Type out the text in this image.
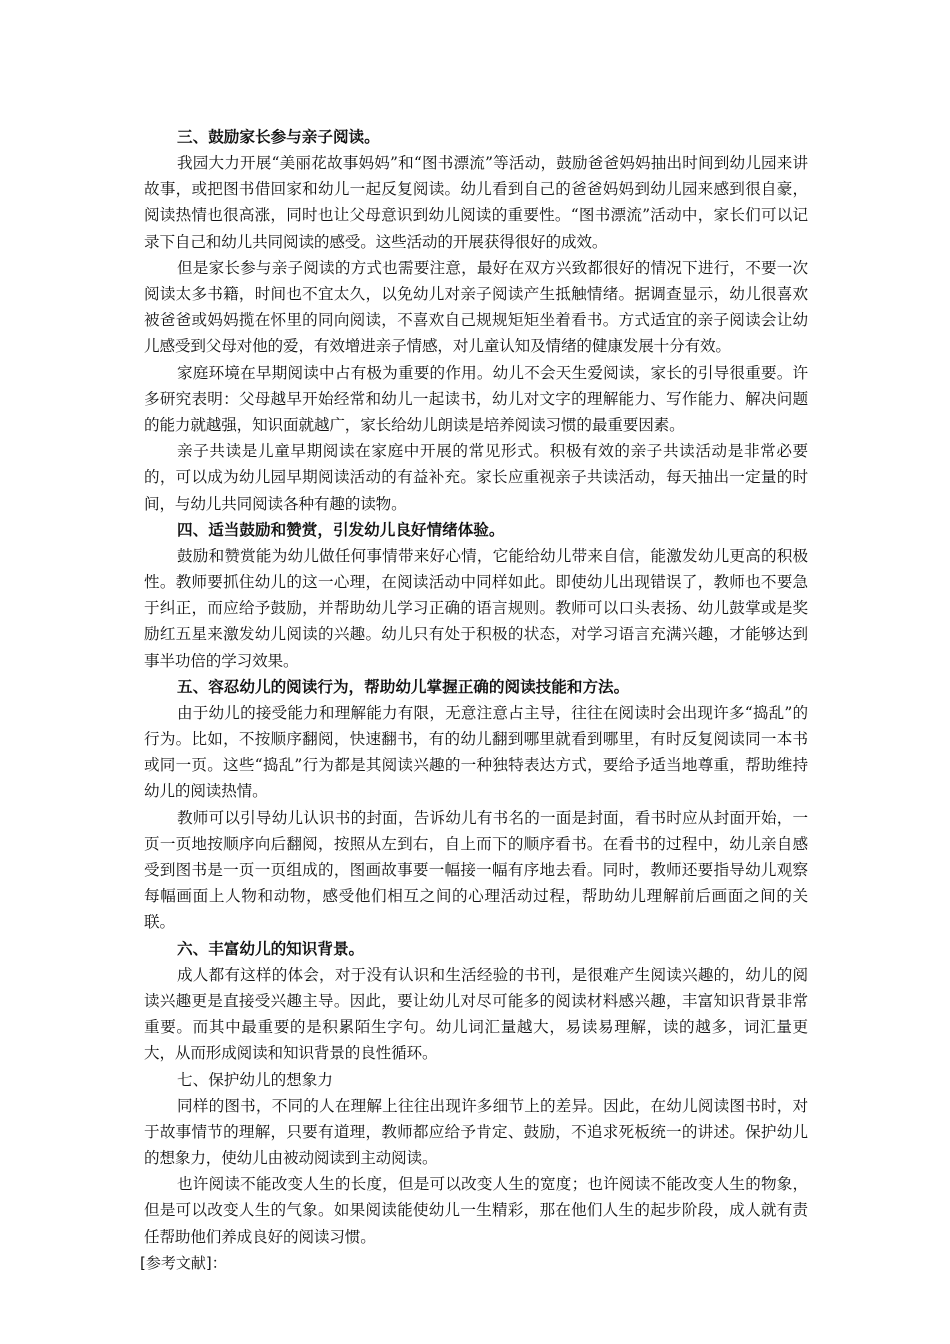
三、鼓励家长参与亲子阅读。

我园大力开展“美丽花故事妈妈”和“图书漂流”等活动，鼓励爸爸妈妈抽出时间到幼儿园来讲故事，或把图书借回家和幼儿一起反复阅读。幼儿看到自己的爸爸妈妈到幼儿园来感到很自豪，阅读热情也很高涨，同时也让父母意识到幼儿阅读的重要性。“图书漂流”活动中，家长们可以记录下自己和幼儿共同阅读的感受。这些活动的开展获得很好的成效。

但是家长参与亲子阅读的方式也需要注意，最好在双方兴致都很好的情况下进行，不要一次阅读太多书籍，时间也不宜太久，以免幼儿对亲子阅读产生抵触情绪。据调查显示，幼儿很喜欢被爸爸或妈妈揽在怀里的同向阅读，不喜欢自己规规矩矩坐着看书。方式适宜的亲子阅读会让幼儿感受到父母对他的爱，有效增进亲子情感，对儿童认知及情绪的健康发展十分有效。

家庭环境在早期阅读中占有极为重要的作用。幼儿不会天生爱阅读，家长的引导很重要。许多研究表明：父母越早开始经常和幼儿一起读书，幼儿对文字的理解能力、写作能力、解决问题的能力就越强，知识面就越广，家长给幼儿朗读是培养阅读习惯的最重要因素。

亲子共读是儿童早期阅读在家庭中开展的常见形式。积极有效的亲子共读活动是非常必要的，可以成为幼儿园早期阅读活动的有益补充。家长应重视亲子共读活动，每天抽出一定量的时间，与幼儿共同阅读各种有趣的读物。

四、适当鼓励和赞赏，引发幼儿良好情绪体验。

鼓励和赞赏能为幼儿做任何事情带来好心情，它能给幼儿带来自信，能激发幼儿更高的积极性。教师要抓住幼儿的这一心理，在阅读活动中同样如此。即使幼儿出现错误了，教师也不要急于纠正，而应给予鼓励，并帮助幼儿学习正确的语言规则。教师可以口头表扬、幼儿鼓掌或是奖励红五星来激发幼儿阅读的兴趣。幼儿只有处于积极的状态，对学习语言充满兴趣，才能够达到事半功倍的学习效果。

五、容忍幼儿的阅读行为，帮助幼儿掌握正确的阅读技能和方法。

由于幼儿的接受能力和理解能力有限，无意注意占主导，往往在阅读时会出现许多“捣乱”的行为。比如，不按顺序翻阅，快速翻书，有的幼儿翻到哪里就看到哪里，有时反复阅读同一本书或同一页。这些“捣乱”行为都是其阅读兴趣的一种独特表达方式，要给予适当地尊重，帮助维持幼儿的阅读热情。

教师可以引导幼儿认识书的封面，告诉幼儿有书名的一面是封面，看书时应从封面开始，一页一页地按顺序向后翻阅，按照从左到右，自上而下的顺序看书。在看书的过程中，幼儿亲自感受到图书是一页一页组成的，图画故事要一幅接一幅有序地去看。同时，教师还要指导幼儿观察每幅画面上人物和动物，感受他们相互之间的心理活动过程，帮助幼儿理解前后画面之间的关联。

六、丰富幼儿的知识背景。

成人都有这样的体会，对于没有认识和生活经验的书刊，是很难产生阅读兴趣的，幼儿的阅读兴趣更是直接受兴趣主导。因此，要让幼儿对尽可能多的阅读材料感兴趣，丰富知识背景非常重要。而其中最重要的是积累陌生字句。幼儿词汇量越大，易读易理解，读的越多，词汇量更大，从而形成阅读和知识背景的良性循环。

七、保护幼儿的想象力

同样的图书，不同的人在理解上往往出现许多细节上的差异。因此，在幼儿阅读图书时，对于故事情节的理解，只要有道理，教师都应给予肯定、鼓励，不追求死板统一的讲述。保护幼儿的想象力，使幼儿由被动阅读到主动阅读。

也许阅读不能改变人生的长度，但是可以改变人生的宽度；也许阅读不能改变人生的物象，但是可以改变人生的气象。如果阅读能使幼儿一生精彩，那在他们人生的起步阶段，成人就有责任帮助他们养成良好的阅读习惯。

[参考文献]：
